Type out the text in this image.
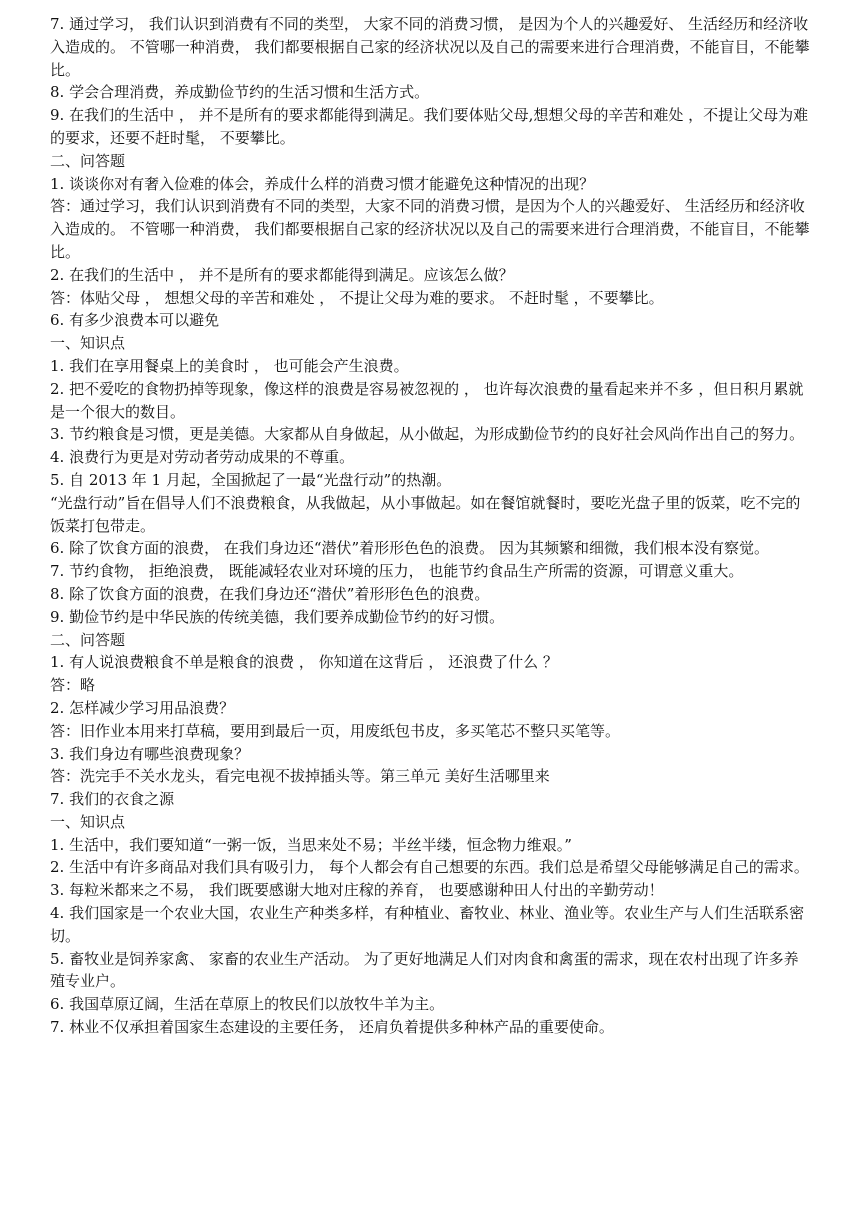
7. 通过学习， 我们认识到消费有不同的类型， 大家不同的消费习惯， 是因为个人的兴趣爱好、 生活经历和经济收入造成的。 不管哪一种消费， 我们都要根据自己家的经济状况以及自己的需要来进行合理消费，不能盲目，不能攀比。

8. 学会合理消费，养成勤俭节约的生活习惯和生活方式。

9. 在我们的生活中 ， 并不是所有的要求都能得到满足。我们要体贴父母,想想父母的辛苦和难处 ，不提让父母为难的要求，还要不赶时髦， 不要攀比。

二、问答题

1. 谈谈你对有奢入俭难的体会，养成什么样的消费习惯才能避免这种情况的出现？

答：通过学习，我们认识到消费有不同的类型，大家不同的消费习惯，是因为个人的兴趣爱好、 生活经历和经济收入造成的。 不管哪一种消费， 我们都要根据自己家的经济状况以及自己的需要来进行合理消费，不能盲目，不能攀比。

2. 在我们的生活中 ， 并不是所有的要求都能得到满足。应该怎么做？

答：体贴父母 ， 想想父母的辛苦和难处 ， 不提让父母为难的要求。 不赶时髦 ，不要攀比。

6. 有多少浪费本可以避免

一、知识点

1. 我们在享用餐桌上的美食时 ， 也可能会产生浪费。

2. 把不爱吃的食物扔掉等现象，像这样的浪费是容易被忽视的 ， 也许每次浪费的量看起来并不多 ，但日积月累就是一个很大的数目。

3. 节约粮食是习惯，更是美德。大家都从自身做起，从小做起，为形成勤俭节约的良好社会风尚作出自己的努力。

4. 浪费行为更是对劳动者劳动成果的不尊重。

5. 自 2013 年 1 月起，全国掀起了一最“光盘行动”的热潮。

“光盘行动”旨在倡导人们不浪费粮食，从我做起，从小事做起。如在餐馆就餐时，要吃光盘子里的饭菜，吃不完的饭菜打包带走。

6. 除了饮食方面的浪费， 在我们身边还“潜伏”着形形色色的浪费。 因为其频繁和细微，我们根本没有察觉。

7. 节约食物， 拒绝浪费， 既能减轻农业对环境的压力， 也能节约食品生产所需的资源，可谓意义重大。

8. 除了饮食方面的浪费，在我们身边还“潜伏”着形形色色的浪费。

9. 勤俭节约是中华民族的传统美德，我们要养成勤俭节约的好习惯。

二、问答题

1. 有人说浪费粮食不单是粮食的浪费 ， 你知道在这背后 ， 还浪费了什么 ？

答：略

2. 怎样减少学习用品浪费？

答：旧作业本用来打草稿，要用到最后一页，用废纸包书皮，多买笔芯不整只买笔等。

3. 我们身边有哪些浪费现象？

答：洗完手不关水龙头，看完电视不拔掉插头等。第三单元 美好生活哪里来

7. 我们的衣食之源

一、知识点

1. 生活中，我们要知道“一粥一饭，当思来处不易；半丝半缕，恒念物力维艰。”

2. 生活中有许多商品对我们具有吸引力， 每个人都会有自己想要的东西。我们总是希望父母能够满足自己的需求。

3. 每粒米都来之不易， 我们既要感谢大地对庄稼的养育， 也要感谢种田人付出的辛勤劳动！

4. 我们国家是一个农业大国，农业生产种类多样，有种植业、畜牧业、林业、渔业等。农业生产与人们生活联系密切。

5. 畜牧业是饲养家禽、 家畜的农业生产活动。 为了更好地满足人们对肉食和禽蛋的需求，现在农村出现了许多养殖专业户。

6. 我国草原辽阔，生活在草原上的牧民们以放牧牛羊为主。

7. 林业不仅承担着国家生态建设的主要任务， 还肩负着提供多种林产品的重要使命。
